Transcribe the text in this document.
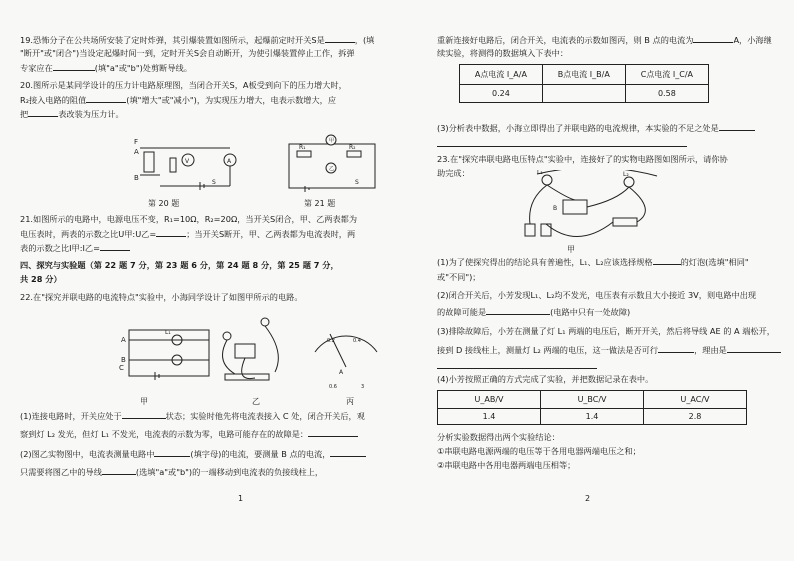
19.恐怖分子在公共场所安装了定时炸弹，其引爆装置如图所示，起爆前定时开关S是	，(填
"断开"或"闭合")当设定起爆时间一到，定时开关S会自动断开，为使引爆装置停止工作，拆弹
专家应在	(填"a"或"b")处剪断导线。
20.图所示是某同学设计的压力计电路原理图，当闭合开关S，A板受到向下的压力增大时，
R₂接入电路的阻值	(填"增大"或"减小")，为实现压力增大，电表示数增大，应
把	表改装为压力计。
F
A
B
V	A
S
第 20 题
R₁	R₂
甲
乙
S
第 21 题
21.如图所示的电路中，电源电压不变，R₁=10Ω，R₂=20Ω，当开关S闭合，甲、乙两表都为
电压表时，两表的示数之比U甲:U乙=	；当开关S断开，甲、乙两表都为电流表时，两
表的示数之比I甲:I乙=
四、探究与实验题（第 22 题 7 分，第 23 题 6 分，第 24 题 8 分，第 25 题 7 分，
共 28 分）
22.在"探究并联电路的电流特点"实验中，小海同学设计了如图甲所示的电路。
L₁
A
B
C
0.2	0.4
A
0.6	3
甲	乙	丙
(1)连接电路时，开关应处于	状态；实验时他先将电流表接入 C 处，闭合开关后，观
察到灯 L₂ 发光，但灯 L₁ 不发光，电流表的示数为零，电路可能存在的故障是：
(2)图乙实物图中，电流表测量电路中	(填字母)的电流，要测量 B 点的电流，
只需要将图乙中的导线	(选填"a"或"b")的一端移动到电流表的负接线柱上，
1
重新连接好电路后，闭合开关，电流表的示数如图丙，则 B 点的电流为	A，小海继
续实验，将测得的数据填入下表中：
A点电流 I_A/A	B点电流 I_B/A	C点电流 I_C/A
0.24		0.58
(3)分析表中数据，小海立即得出了并联电路的电流规律，本实验的不足之处是
23.在"探究串联电路电压特点"实验中，连接好了的实物电路图如图所示，请你协
助完成：	L₁	L₂
B
甲
(1)为了使探究得出的结论具有普遍性，L₁、L₂应该选择规格	的灯泡(选填"相同"
或"不同")；
(2)闭合开关后，小芳发现L₁、L₂均不发光，电压表有示数且大小接近 3V，则电路中出现
的故障可能是	(电路中只有一处故障)
(3)排除故障后，小芳在测量了灯 L₁ 两端的电压后，断开开关，然后将导线 AE 的 A 端松开，
接到 D 接线柱上，测量灯 L₂ 两端的电压，这一做法是否可行	，理由是
(4)小芳按照正确的方式完成了实验，并把数据记录在表中。
U_AB/V	U_BC/V	U_AC/V
1.4	1.4	2.8
分析实验数据得出两个实验结论：
①串联电路电源两端的电压等于各用电器两端电压之和；
②串联电路中各用电器两端电压相等；
2
